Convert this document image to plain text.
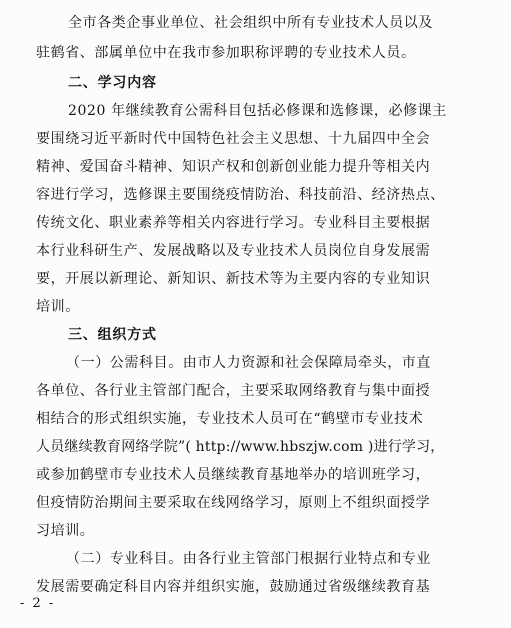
全市各类企事业单位、社会组织中所有专业技术人员以及
驻鹤省、部属单位中在我市参加职称评聘的专业技术人员。
二、学习内容
2020 年继续教育公需科目包括必修课和选修课，必修课主
要围绕习近平新时代中国特色社会主义思想、十九届四中全会
精神、爱国奋斗精神、知识产权和创新创业能力提升等相关内
容进行学习，选修课主要围绕疫情防治、科技前沿、经济热点、
传统文化、职业素养等相关内容进行学习。专业科目主要根据
本行业科研生产、发展战略以及专业技术人员岗位自身发展需
要，开展以新理论、新知识、新技术等为主要内容的专业知识
培训。
三、组织方式
（一）公需科目。由市人力资源和社会保障局牵头，市直
各单位、各行业主管部门配合，主要采取网络教育与集中面授
相结合的形式组织实施，专业技术人员可在“鹤壁市专业技术
人员继续教育网络学院”( http://www.hbszjw.com )进行学习，
或参加鹤壁市专业技术人员继续教育基地举办的培训班学习，
但疫情防治期间主要采取在线网络学习，原则上不组织面授学
习培训。
（二）专业科目。由各行业主管部门根据行业特点和专业
发展需要确定科目内容并组织实施，鼓励通过省级继续教育基
- 2 -
